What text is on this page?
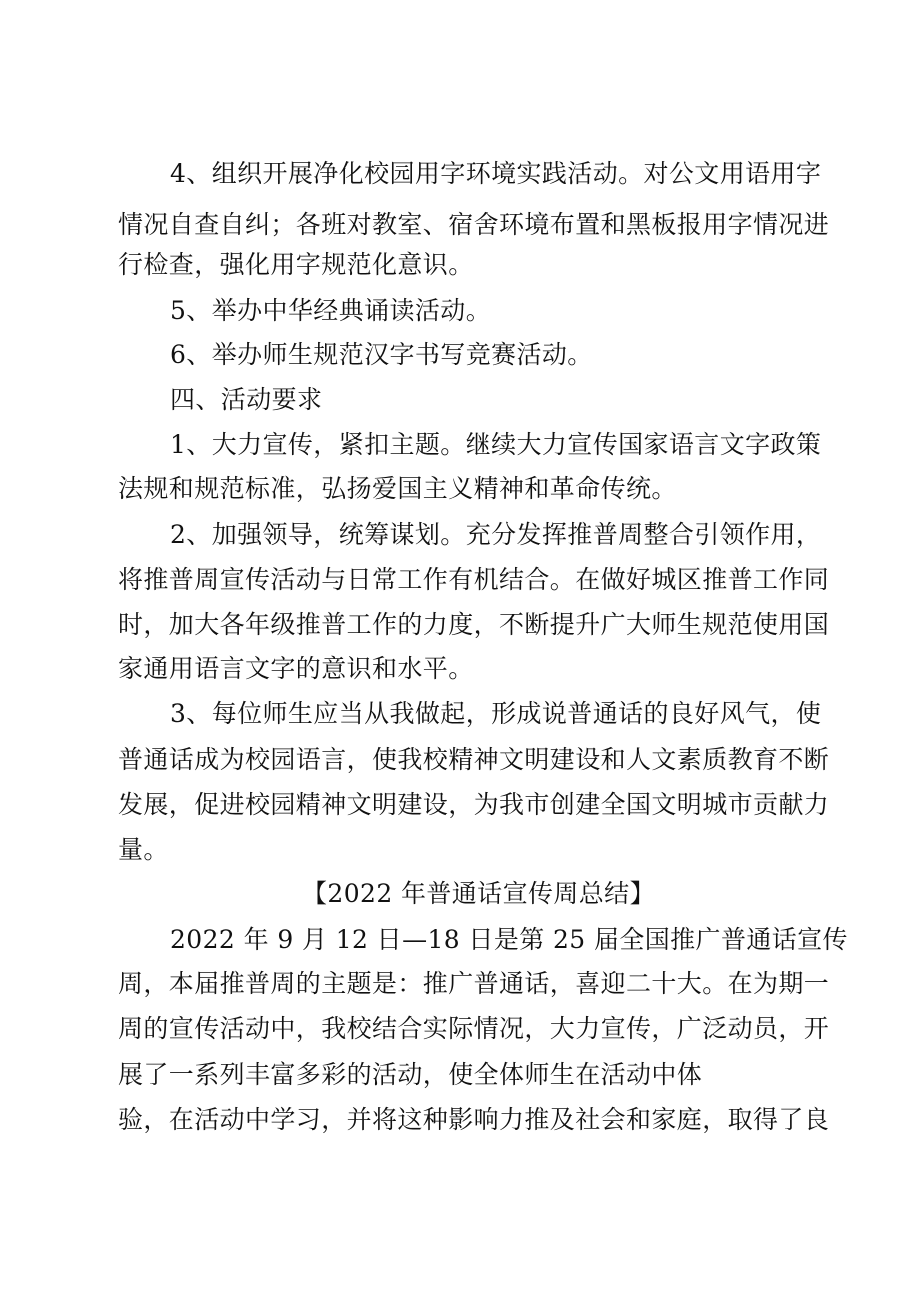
4、组织开展净化校园用字环境实践活动。对公文用语用字
情况自查自纠；各班对教室、宿舍环境布置和黑板报用字情况进
行检查，强化用字规范化意识。
5、举办中华经典诵读活动。
6、举办师生规范汉字书写竞赛活动。
四、活动要求
1、大力宣传，紧扣主题。继续大力宣传国家语言文字政策
法规和规范标准，弘扬爱国主义精神和革命传统。
2、加强领导，统筹谋划。充分发挥推普周整合引领作用，
将推普周宣传活动与日常工作有机结合。在做好城区推普工作同
时，加大各年级推普工作的力度，不断提升广大师生规范使用国
家通用语言文字的意识和水平。
3、每位师生应当从我做起，形成说普通话的良好风气，使
普通话成为校园语言，使我校精神文明建设和人文素质教育不断
发展，促进校园精神文明建设，为我市创建全国文明城市贡献力
量。
【2022 年普通话宣传周总结】
2022 年 9 月 12 日—18 日是第 25 届全国推广普通话宣传
周，本届推普周的主题是：推广普通话，喜迎二十大。在为期一
周的宣传活动中，我校结合实际情况，大力宣传，广泛动员，开
展了一系列丰富多彩的活动，使全体师生在活动中体
验，在活动中学习，并将这种影响力推及社会和家庭，取得了良
